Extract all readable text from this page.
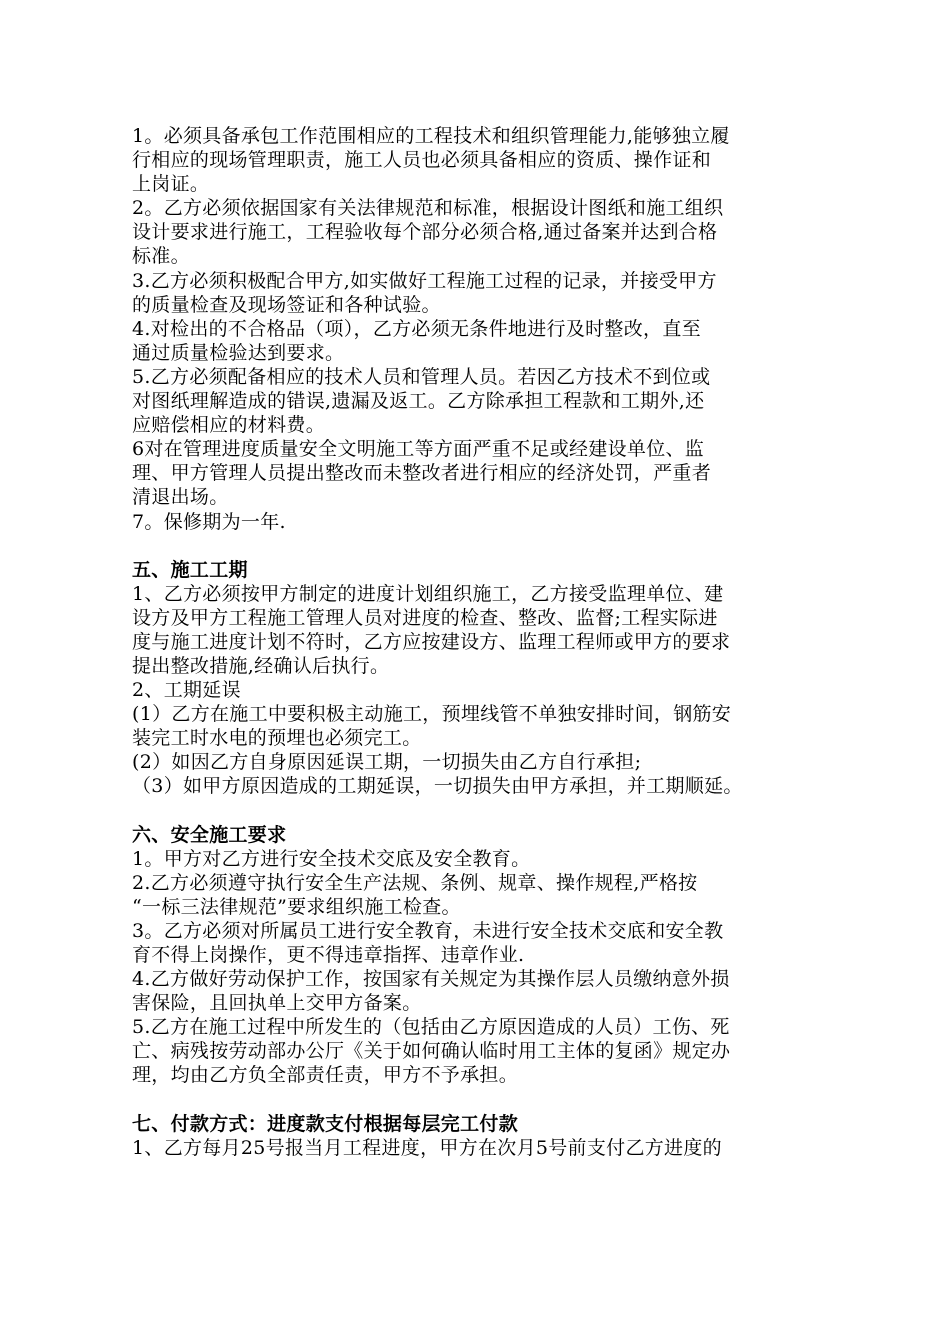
1。必须具备承包工作范围相应的工程技术和组织管理能力,能够独立履
行相应的现场管理职责，施工人员也必须具备相应的资质、操作证和
上岗证。
2。乙方必须依据国家有关法律规范和标准，根据设计图纸和施工组织
设计要求进行施工，工程验收每个部分必须合格,通过备案并达到合格
标准。
3.乙方必须积极配合甲方,如实做好工程施工过程的记录，并接受甲方
的质量检查及现场签证和各种试验。
4.对检出的不合格品（项），乙方必须无条件地进行及时整改，直至
通过质量检验达到要求。
5.乙方必须配备相应的技术人员和管理人员。若因乙方技术不到位或
对图纸理解造成的错误,遗漏及返工。乙方除承担工程款和工期外,还
应赔偿相应的材料费。
6对在管理进度质量安全文明施工等方面严重不足或经建设单位、监
理、甲方管理人员提出整改而未整改者进行相应的经济处罚，严重者
清退出场。
7。保修期为一年.
五、施工工期
1、乙方必须按甲方制定的进度计划组织施工，乙方接受监理单位、建
设方及甲方工程施工管理人员对进度的检查、整改、监督;工程实际进
度与施工进度计划不符时，乙方应按建设方、监理工程师或甲方的要求
提出整改措施,经确认后执行。
2、工期延误
(1）乙方在施工中要积极主动施工，预埋线管不单独安排时间，钢筋安
装完工时水电的预埋也必须完工。
(2）如因乙方自身原因延误工期，一切损失由乙方自行承担;
（3）如甲方原因造成的工期延误，一切损失由甲方承担，并工期顺延。
六、安全施工要求
1。甲方对乙方进行安全技术交底及安全教育。
2.乙方必须遵守执行安全生产法规、条例、规章、操作规程,严格按
“一标三法律规范”要求组织施工检查。
3。乙方必须对所属员工进行安全教育，未进行安全技术交底和安全教
育不得上岗操作，更不得违章指挥、违章作业.
4.乙方做好劳动保护工作，按国家有关规定为其操作层人员缴纳意外损
害保险，且回执单上交甲方备案。
5.乙方在施工过程中所发生的（包括由乙方原因造成的人员）工伤、死
亡、病残按劳动部办公厅《关于如何确认临时用工主体的复函》规定办
理，均由乙方负全部责任责，甲方不予承担。
七、付款方式：进度款支付根据每层完工付款
1、乙方每月25号报当月工程进度，甲方在次月5号前支付乙方进度的
